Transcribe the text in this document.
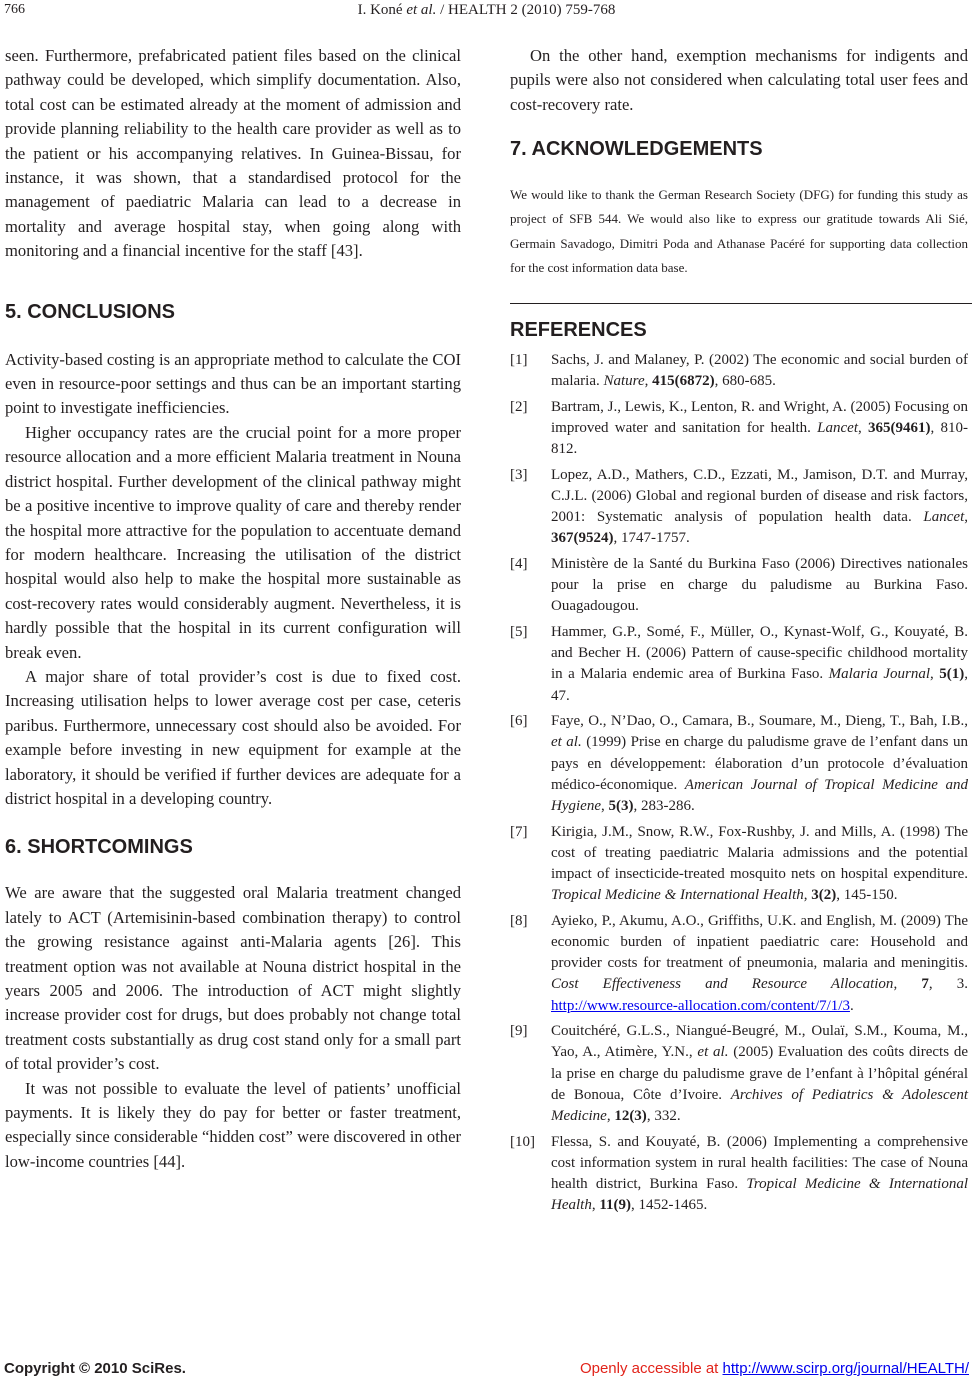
766	I. Koné et al. / HEALTH 2 (2010) 759-768

seen. Furthermore, prefabricated patient files based on the clinical pathway could be developed, which simplify documentation. Also, total cost can be estimated already at the moment of admission and provide planning reliability to the health care provider as well as to the patient or his accompanying relatives. In Guinea-Bissau, for instance, it was shown, that a standardised protocol for the management of paediatric Malaria can lead to a decrease in mortality and average hospital stay, when going along with monitoring and a financial incentive for the staff [43].

5. CONCLUSIONS

Activity-based costing is an appropriate method to calculate the COI even in resource-poor settings and thus can be an important starting point to investigate inefficiencies.

Higher occupancy rates are the crucial point for a more proper resource allocation and a more efficient Malaria treatment in Nouna district hospital. Further development of the clinical pathway might be a positive incentive to improve quality of care and thereby render the hospital more attractive for the population to accentuate demand for modern healthcare. Increasing the utilisation of the district hospital would also help to make the hospital more sustainable as cost-recovery rates would considerably augment. Nevertheless, it is hardly possible that the hospital in its current configuration will break even.

A major share of total provider’s cost is due to fixed cost. Increasing utilisation helps to lower average cost per case, ceteris paribus. Furthermore, unnecessary cost should also be avoided. For example before investing in new equipment for example at the laboratory, it should be verified if further devices are adequate for a district hospital in a developing country.

6. SHORTCOMINGS

We are aware that the suggested oral Malaria treatment changed lately to ACT (Artemisinin-based combination therapy) to control the growing resistance against anti-Malaria agents [26]. This treatment option was not available at Nouna district hospital in the years 2005 and 2006. The introduction of ACT might slightly increase provider cost for drugs, but does probably not change total treatment costs substantially as drug cost stand only for a small part of total provider’s cost.

It was not possible to evaluate the level of patients’ unofficial payments. It is likely they do pay for better or faster treatment, especially since considerable “hidden cost” were discovered in other low-income countries [44].

On the other hand, exemption mechanisms for indigents and pupils were also not considered when calculating total user fees and cost-recovery rate.

7. ACKNOWLEDGEMENTS

We would like to thank the German Research Society (DFG) for funding this study as project of SFB 544. We would also like to express our gratitude towards Ali Sié, Germain Savadogo, Dimitri Poda and Athanase Pacéré for supporting data collection for the cost information data base.

REFERENCES
[1] Sachs, J. and Malaney, P. (2002) The economic and social burden of malaria. Nature, 415(6872), 680-685.
[2] Bartram, J., Lewis, K., Lenton, R. and Wright, A. (2005) Focusing on improved water and sanitation for health. Lancet, 365(9461), 810-812.
[3] Lopez, A.D., Mathers, C.D., Ezzati, M., Jamison, D.T. and Murray, C.J.L. (2006) Global and regional burden of disease and risk factors, 2001: Systematic analysis of population health data. Lancet, 367(9524), 1747-1757.
[4] Ministère de la Santé du Burkina Faso (2006) Directives nationales pour la prise en charge du paludisme au Burkina Faso. Ouagadougou.
[5] Hammer, G.P., Somé, F., Müller, O., Kynast-Wolf, G., Kouyaté, B. and Becher H. (2006) Pattern of cause-specific childhood mortality in a Malaria endemic area of Burkina Faso. Malaria Journal, 5(1), 47.
[6] Faye, O., N’Dao, O., Camara, B., Soumare, M., Dieng, T., Bah, I.B., et al. (1999) Prise en charge du paludisme grave de l’enfant dans un pays en développement: élaboration d’un protocole d’évaluation médico-économique. American Journal of Tropical Medicine and Hygiene, 5(3), 283-286.
[7] Kirigia, J.M., Snow, R.W., Fox-Rushby, J. and Mills, A. (1998) The cost of treating paediatric Malaria admissions and the potential impact of insecticide-treated mosquito nets on hospital expenditure. Tropical Medicine & International Health, 3(2), 145-150.
[8] Ayieko, P., Akumu, A.O., Griffiths, U.K. and English, M. (2009) The economic burden of inpatient paediatric care: Household and provider costs for treatment of pneumonia, malaria and meningitis. Cost Effectiveness and Resource Allocation, 7, 3. http://www.resource-allocation.com/content/7/1/3.
[9] Couitchéré, G.L.S., Niangué-Beugré, M., Oulaï, S.M., Kouma, M., Yao, A., Atimère, Y.N., et al. (2005) Evaluation des coûts directs de la prise en charge du paludisme grave de l’enfant à l’hôpital général de Bonoua, Côte d’Ivoire. Archives of Pediatrics & Adolescent Medicine, 12(3), 332.
[10] Flessa, S. and Kouyaté, B. (2006) Implementing a comprehensive cost information system in rural health facilities: The case of Nouna health district, Burkina Faso. Tropical Medicine & International Health, 11(9), 1452-1465.
Copyright © 2010 SciRes.	Openly accessible at http://www.scirp.org/journal/HEALTH/
